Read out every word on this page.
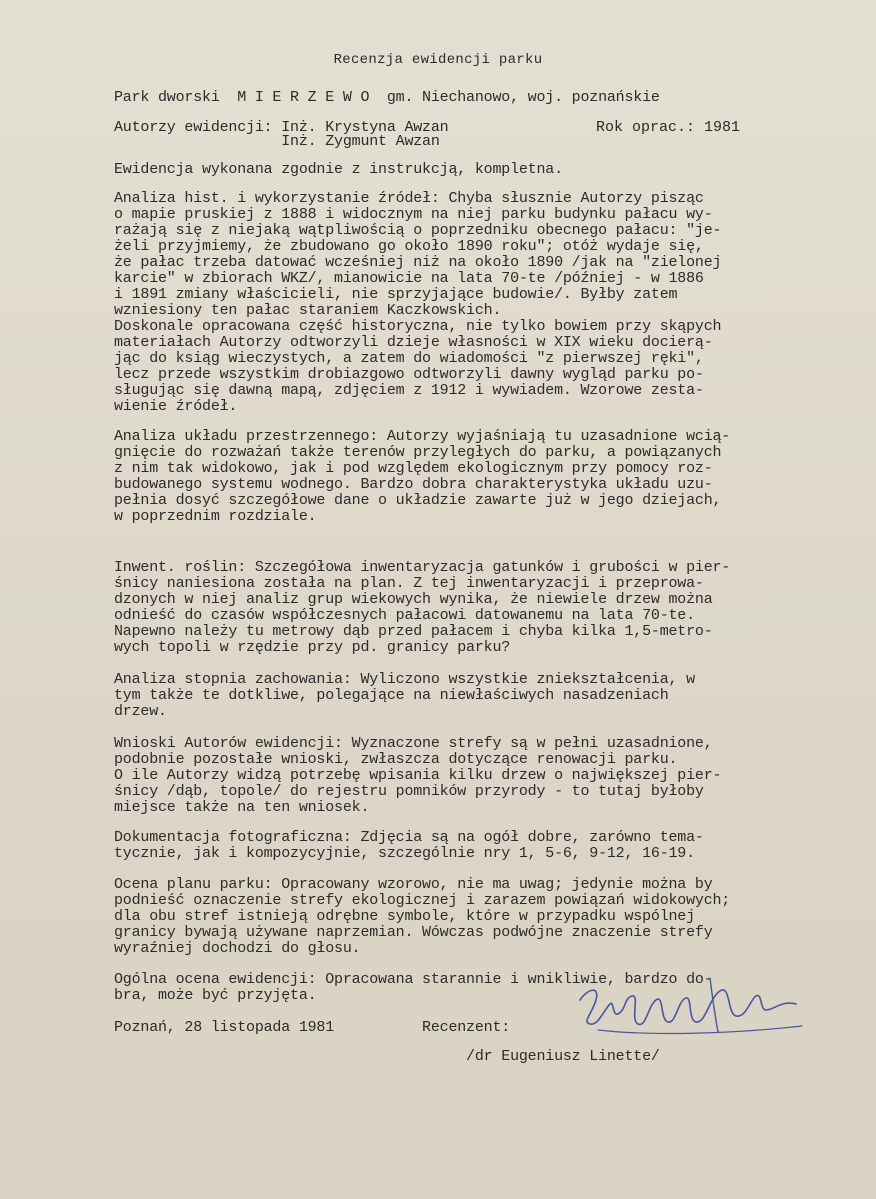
Recenzja ewidencji parku
Park dworski  M I E R Z E W O  gm. Niechanowo, woj. poznańskie
Autorzy ewidencji: Inż. Krystyna Awzan	Rok oprac.: 1981
Inż. Zygmunt Awzan
Ewidencja wykonana zgodnie z instrukcją, kompletna.
Analiza hist. i wykorzystanie źródeł: Chyba słusznie Autorzy pisząc
o mapie pruskiej z 1888 i widocznym na niej parku budynku pałacu wy-
rażają się z niejaką wątpliwością o poprzedniku obecnego pałacu: "je-
żeli przyjmiemy, że zbudowano go około 1890 roku"; otóż wydaje się,
że pałac trzeba datować wcześniej niż na około 1890 /jak na "zielonej
karcie" w zbiorach WKZ/, mianowicie na lata 70-te /później - w 1886
i 1891 zmiany właścicieli, nie sprzyjające budowie/. Byłby zatem
wzniesiony ten pałac staraniem Kaczkowskich.
Doskonale opracowana część historyczna, nie tylko bowiem przy skąpych
materiałach Autorzy odtworzyli dzieje własności w XIX wieku docierą-
jąc do ksiąg wieczystych, a zatem do wiadomości "z pierwszej ręki",
lecz przede wszystkim drobiazgowo odtworzyli dawny wygląd parku po-
sługując się dawną mapą, zdjęciem z 1912 i wywiadem. Wzorowe zesta-
wienie źródeł.
Analiza układu przestrzennego: Autorzy wyjaśniają tu uzasadnione wcią-
gnięcie do rozważań także terenów przyległych do parku, a powiązanych
z nim tak widokowo, jak i pod względem ekologicznym przy pomocy roz-
budowanego systemu wodnego. Bardzo dobra charakterystyka układu uzu-
pełnia dosyć szczegółowe dane o układzie zawarte już w jego dziejach,
w poprzednim rozdziale.
Inwent. roślin: Szczegółowa inwentaryzacja gatunków i grubości w pier-
śnicy naniesiona została na plan. Z tej inwentaryzacji i przeprowa-
dzonych w niej analiz grup wiekowych wynika, że niewiele drzew można
odnieść do czasów współczesnych pałacowi datowanemu na lata 70-te.
Napewno należy tu metrowy dąb przed pałacem i chyba kilka 1,5-metro-
wych topoli w rzędzie przy pd. granicy parku?
Analiza stopnia zachowania: Wyliczono wszystkie zniekształcenia, w
tym także te dotkliwe, polegające na niewłaściwych nasadzeniach
drzew.
Wnioski Autorów ewidencji: Wyznaczone strefy są w pełni uzasadnione,
podobnie pozostałe wnioski, zwłaszcza dotyczące renowacji parku.
O ile Autorzy widzą potrzebę wpisania kilku drzew o największej pier-
śnicy /dąb, topole/ do rejestru pomników przyrody - to tutaj byłoby
miejsce także na ten wniosek.
Dokumentacja fotograficzna: Zdjęcia są na ogół dobre, zarówno tema-
tycznie, jak i kompozycyjnie, szczególnie nry 1, 5-6, 9-12, 16-19.
Ocena planu parku: Opracowany wzorowo, nie ma uwag; jedynie można by
podnieść oznaczenie strefy ekologicznej i zarazem powiązań widokowych;
dla obu stref istnieją odrębne symbole, które w przypadku wspólnej
granicy bywają używane naprzemian. Wówczas podwójne znaczenie strefy
wyraźniej dochodzi do głosu.
Ogólna ocena ewidencji: Opracowana starannie i wnikliwie, bardzo do-
bra, może być przyjęta.
Poznań, 28 listopada 1981          Recenzent:
/dr Eugeniusz Linette/
